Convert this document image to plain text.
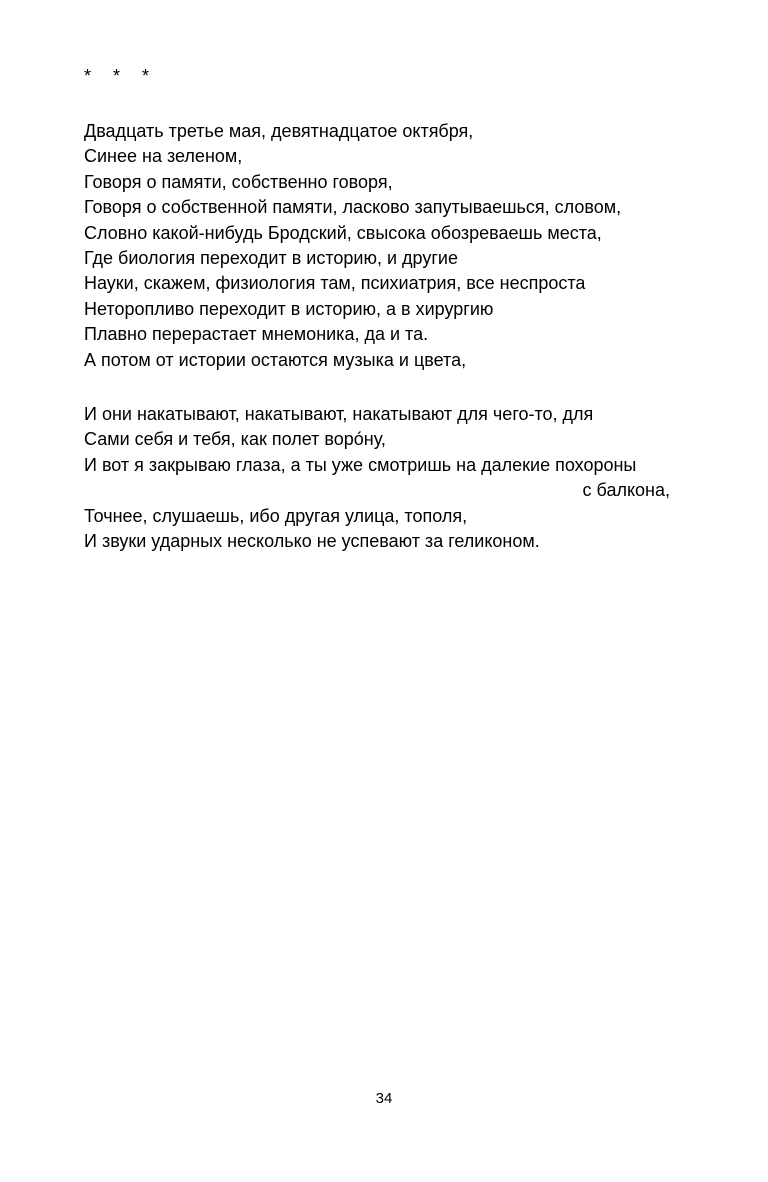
* * *
Двадцать третье мая, девятнадцатое октября,
Синее на зеленом,
Говоря о памяти, собственно говоря,
Говоря о собственной памяти, ласково запутываешься, словом,
Словно какой-нибудь Бродский, свысока обозреваешь места,
Где биология переходит в историю, и другие
Науки, скажем, физиология там, психиатрия, все неспроста
Неторопливо переходит в историю, а в хирургию
Плавно перерастает мнемоника, да и та.
А потом от истории остаются музыка и цвета,
И они накатывают, накатывают, накатывают для чего-то, для
Сами себя и тебя, как полет воро́ну,
И вот я закрываю глаза, а ты уже смотришь на далекие похороны
с балкона,
Точнее, слушаешь, ибо другая улица, тополя,
И звуки ударных несколько не успевают за геликоном.
34
